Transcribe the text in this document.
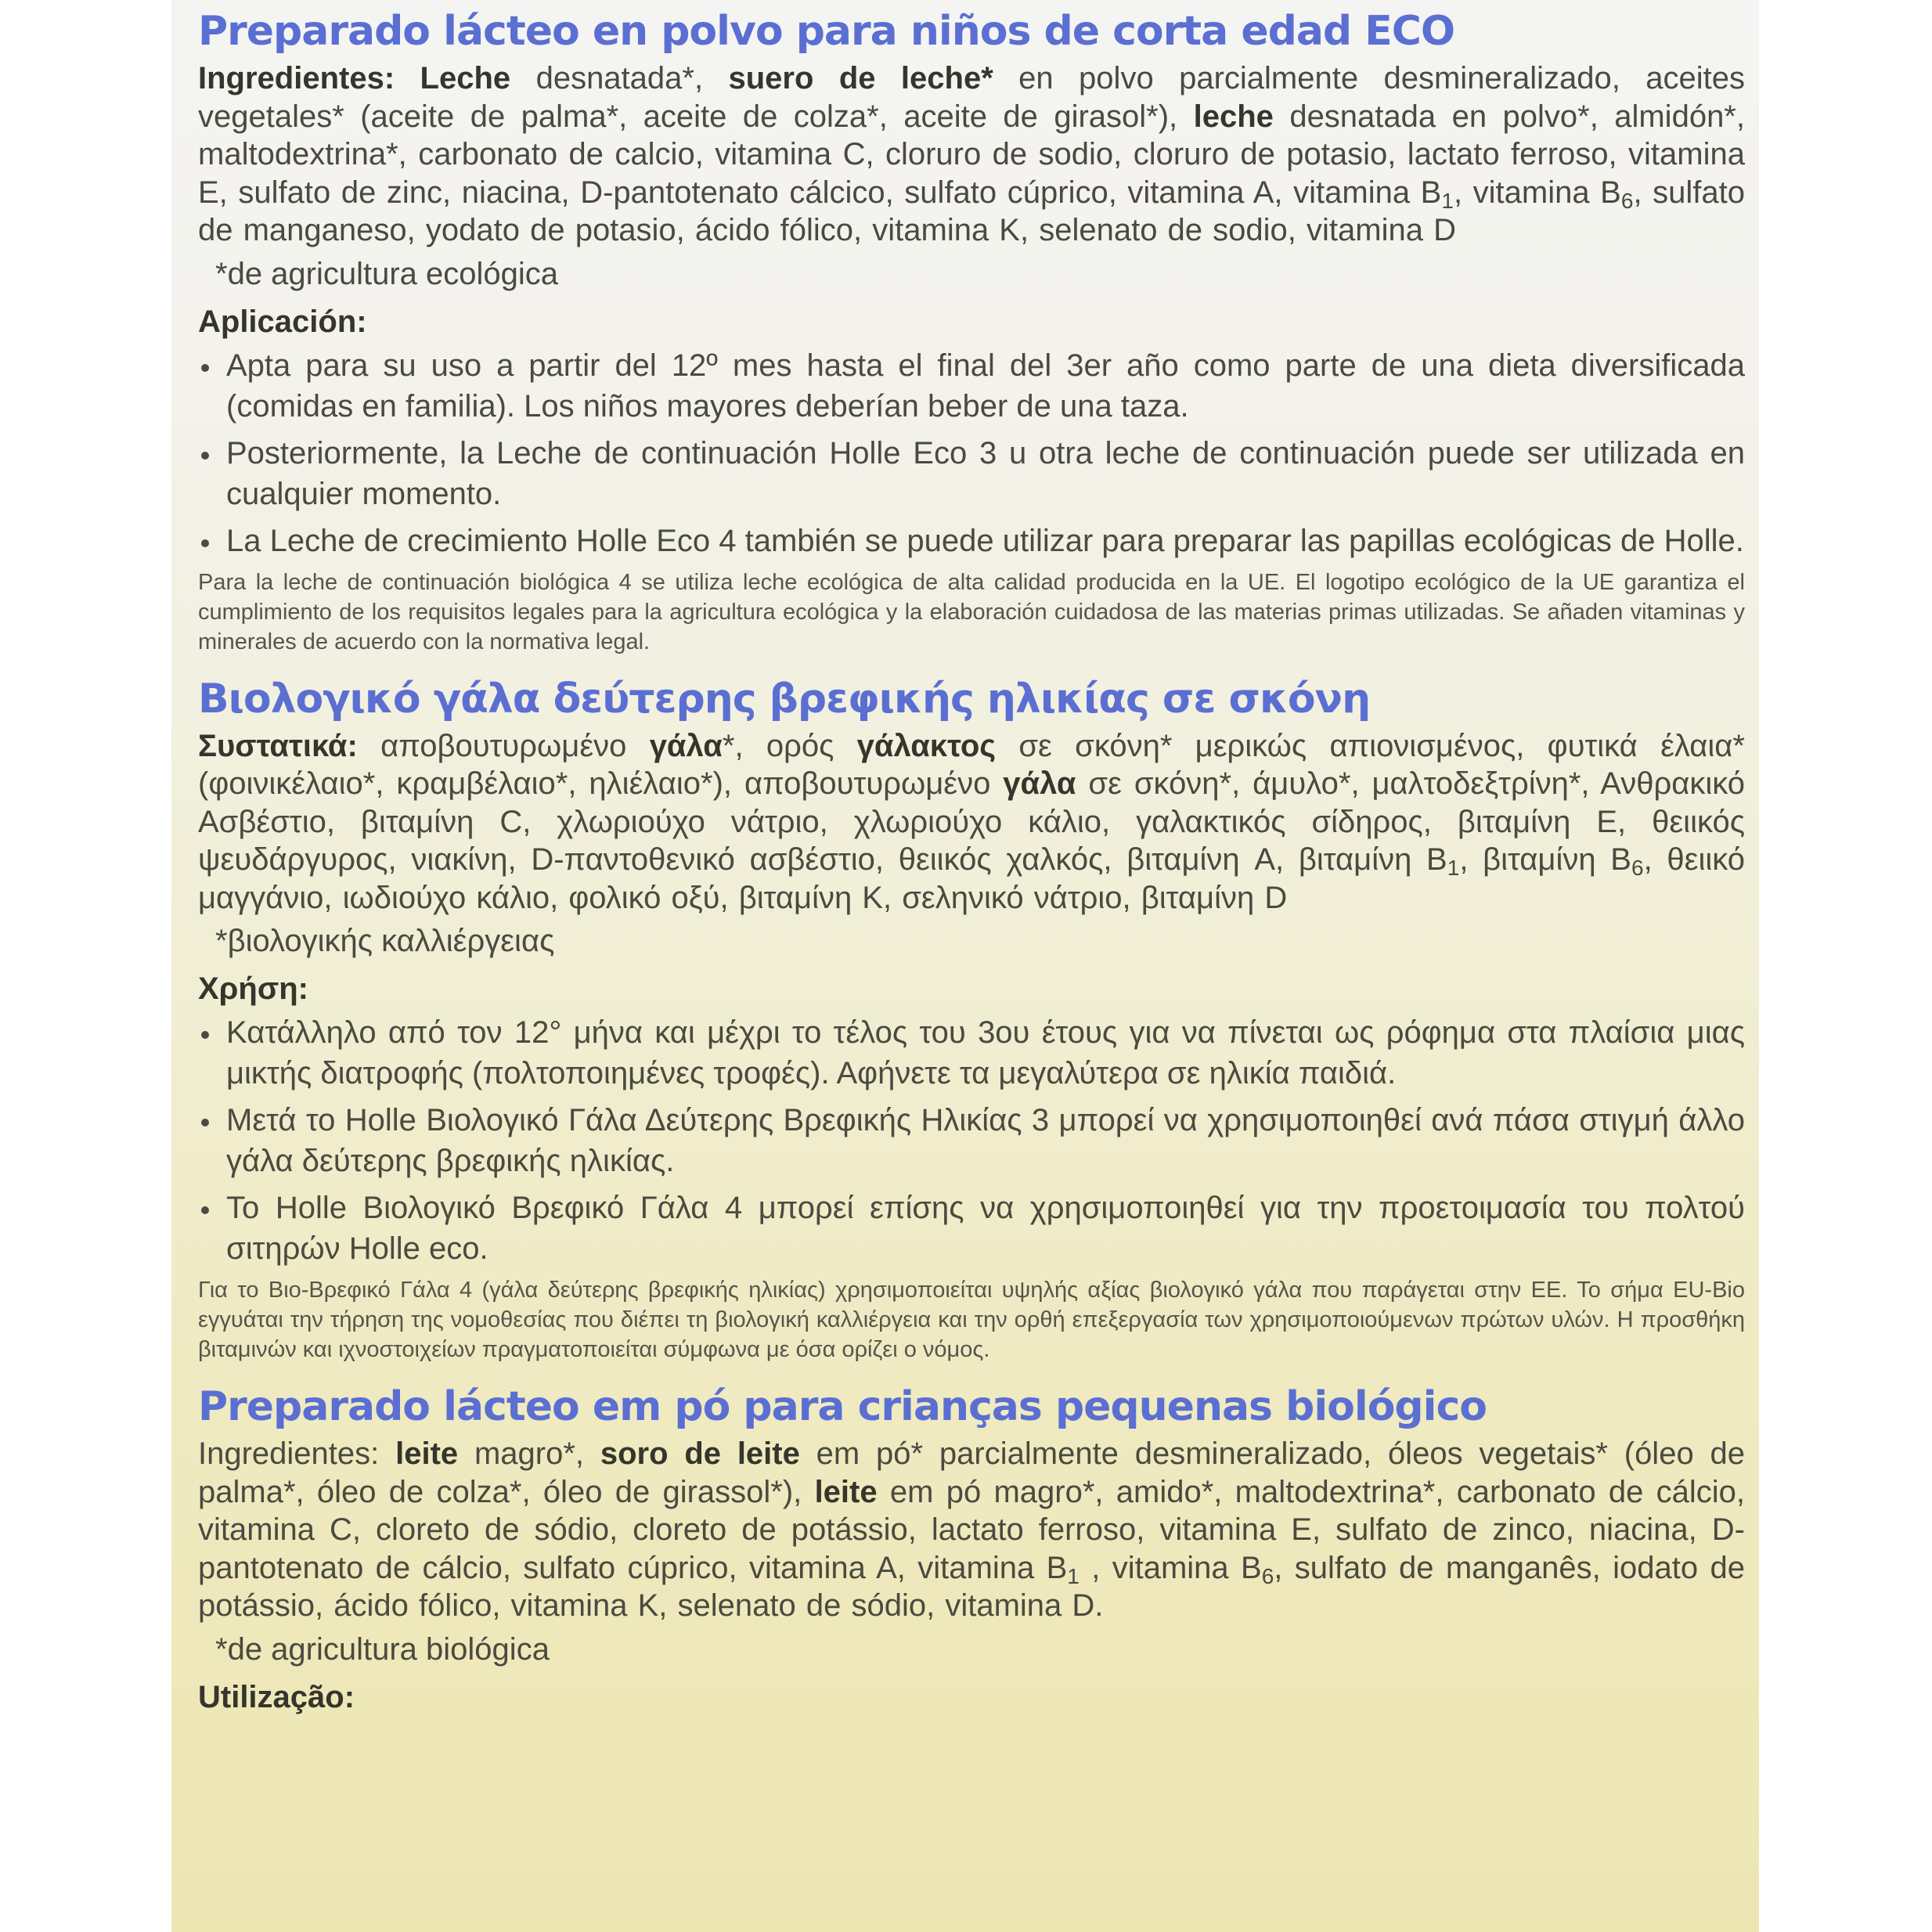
Preparado lácteo en polvo para niños de corta edad ECO

Ingredientes: Leche desnatada*, suero de leche* en polvo parcialmente desmineralizado, aceites vegetales* (aceite de palma*, aceite de colza*, aceite de girasol*), leche desnatada en polvo*, almidón*, maltodextrina*, carbonato de calcio, vitamina C, cloruro de sodio, cloruro de potasio, lactato ferroso, vitamina E, sulfato de zinc, niacina, D-pantotenato cálcico, sulfato cúprico, vitamina A, vitamina $B_1$, vitamina $B_6$, sulfato de manganeso, yodato de potasio, ácido fólico, vitamina K, selenato de sodio, vitamina D

*de agricultura ecológica

Aplicación:

Apta para su uso a partir del 12º mes hasta el final del 3er año como parte de una dieta diversificada (comidas en familia). Los niños mayores deberían beber de una taza.
Posteriormente, la Leche de continuación Holle Eco 3 u otra leche de continuación puede ser utilizada en cualquier momento.
La Leche de crecimiento Holle Eco 4 también se puede utilizar para preparar las papillas ecológicas de Holle.

Para la leche de continuación biológica 4 se utiliza leche ecológica de alta calidad producida en la UE. El logotipo ecológico de la UE garantiza el cumplimiento de los requisitos legales para la agricultura ecológica y la elaboración cuidadosa de las materias primas utilizadas. Se añaden vitaminas y minerales de acuerdo con la normativa legal.

Βιολογικό γάλα δεύτερης βρεφικής ηλικίας σε σκόνη

Συστατικά: αποβουτυρωμένο γάλα*, ορός γάλακτος σε σκόνη* μερικώς απιονισμένος, φυτικά έλαια* (φοινικέλαιο*, κραμβέλαιο*, ηλιέλαιο*), αποβουτυρωμένο γάλα σε σκόνη*, άμυλο*, μαλτοδεξτρίνη*, Ανθρακικό Ασβέστιο, βιταμίνη C, χλωριούχο νάτριο, χλωριούχο κάλιο, γαλακτικός σίδηρος, βιταμίνη E, θειικός ψευδάργυρος, νιακίνη, D-παντοθενικό ασβέστιο, θειικός χαλκός, βιταμίνη A, βιταμίνη $B_1$, βιταμίνη $B_6$, θειικό μαγγάνιο, ιωδιούχο κάλιο, φολικό οξύ, βιταμίνη K, σεληνικό νάτριο, βιταμίνη D

*βιολογικής καλλιέργειας

Χρήση:

Κατάλληλο από τον 12° μήνα και μέχρι το τέλος του 3ου έτους για να πίνεται ως ρόφημα στα πλαίσια μιας μικτής διατροφής (πολτοποιημένες τροφές). Αφήνετε τα μεγαλύτερα σε ηλικία παιδιά.
Μετά το Holle Βιολογικό Γάλα Δεύτερης Βρεφικής Ηλικίας 3 μπορεί να χρησιμοποιηθεί ανά πάσα στιγμή άλλο γάλα δεύτερης βρεφικής ηλικίας.
Το Holle Βιολογικό Βρεφικό Γάλα 4 μπορεί επίσης να χρησιμοποιηθεί για την προετοιμασία του πολτού σιτηρών Holle eco.

Για το Bιo-Βρεφικό Γάλα 4 (γάλα δεύτερης βρεφικής ηλικίας) χρησιμοποιείται υψηλής αξίας βιολογικό γάλα που παράγεται στην ΕΕ. Το σήμα EU-Bio εγγυάται την τήρηση της νομοθεσίας που διέπει τη βιολογική καλλιέργεια και την ορθή επεξεργασία των χρησιμοποιούμενων πρώτων υλών. Η προσθήκη βιταμινών και ιχνοστοιχείων πραγματοποιείται σύμφωνα με όσα ορίζει ο νόμος.

Preparado lácteo em pó para crianças pequenas biológico

Ingredientes: leite magro*, soro de leite em pó* parcialmente desmineralizado, óleos vegetais* (óleo de palma*, óleo de colza*, óleo de girassol*), leite em pó magro*, amido*, maltodextrina*, carbonato de cálcio, vitamina C, cloreto de sódio, cloreto de potássio, lactato ferroso, vitamina E, sulfato de zinco, niacina, D-pantotenato de cálcio, sulfato cúprico, vitamina A, vitamina $B_1$ , vitamina $B_6$, sulfato de manganês, iodato de potássio, ácido fólico, vitamina K, selenato de sódio, vitamina D.

*de agricultura biológica

Utilização:
